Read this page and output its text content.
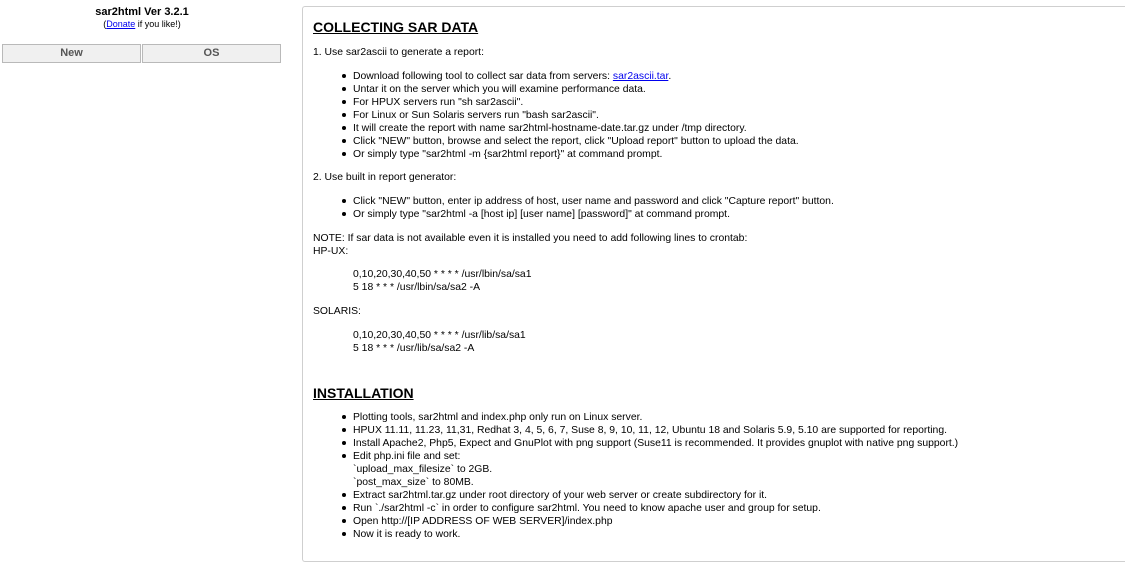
sar2html Ver 3.2.1
(Donate if you like!)
New	OS
COLLECTING SAR DATA
1. Use sar2ascii to generate a report:
Download following tool to collect sar data from servers: sar2ascii.tar.
Untar it on the server which you will examine performance data.
For HPUX servers run "sh sar2ascii".
For Linux or Sun Solaris servers run "bash sar2ascii".
It will create the report with name sar2html-hostname-date.tar.gz under /tmp directory.
Click "NEW" button, browse and select the report, click "Upload report" button to upload the data.
Or simply type "sar2html -m {sar2html report}" at command prompt.
2. Use built in report generator:
Click "NEW" button, enter ip address of host, user name and password and click "Capture report" button.
Or simply type "sar2html -a [host ip] [user name] [password]" at command prompt.
NOTE: If sar data is not available even it is installed you need to add following lines to crontab:
HP-UX:
0,10,20,30,40,50 * * * * /usr/lbin/sa/sa1
5 18 * * * /usr/lbin/sa/sa2 -A
SOLARIS:
0,10,20,30,40,50 * * * * /usr/lib/sa/sa1
5 18 * * * /usr/lib/sa/sa2 -A
INSTALLATION
Plotting tools, sar2html and index.php only run on Linux server.
HPUX 11.11, 11.23, 11,31, Redhat 3, 4, 5, 6, 7, Suse 8, 9, 10, 11, 12, Ubuntu 18 and Solaris 5.9, 5.10 are supported for reporting.
Install Apache2, Php5, Expect and GnuPlot with png support (Suse11 is recommended. It provides gnuplot with native png support.)
Edit php.ini file and set:
`upload_max_filesize` to 2GB.
`post_max_size` to 80MB.
Extract sar2html.tar.gz under root directory of your web server or create subdirectory for it.
Run `./sar2html -c` in order to configure sar2html. You need to know apache user and group for setup.
Open http://[IP ADDRESS OF WEB SERVER]/index.php
Now it is ready to work.
